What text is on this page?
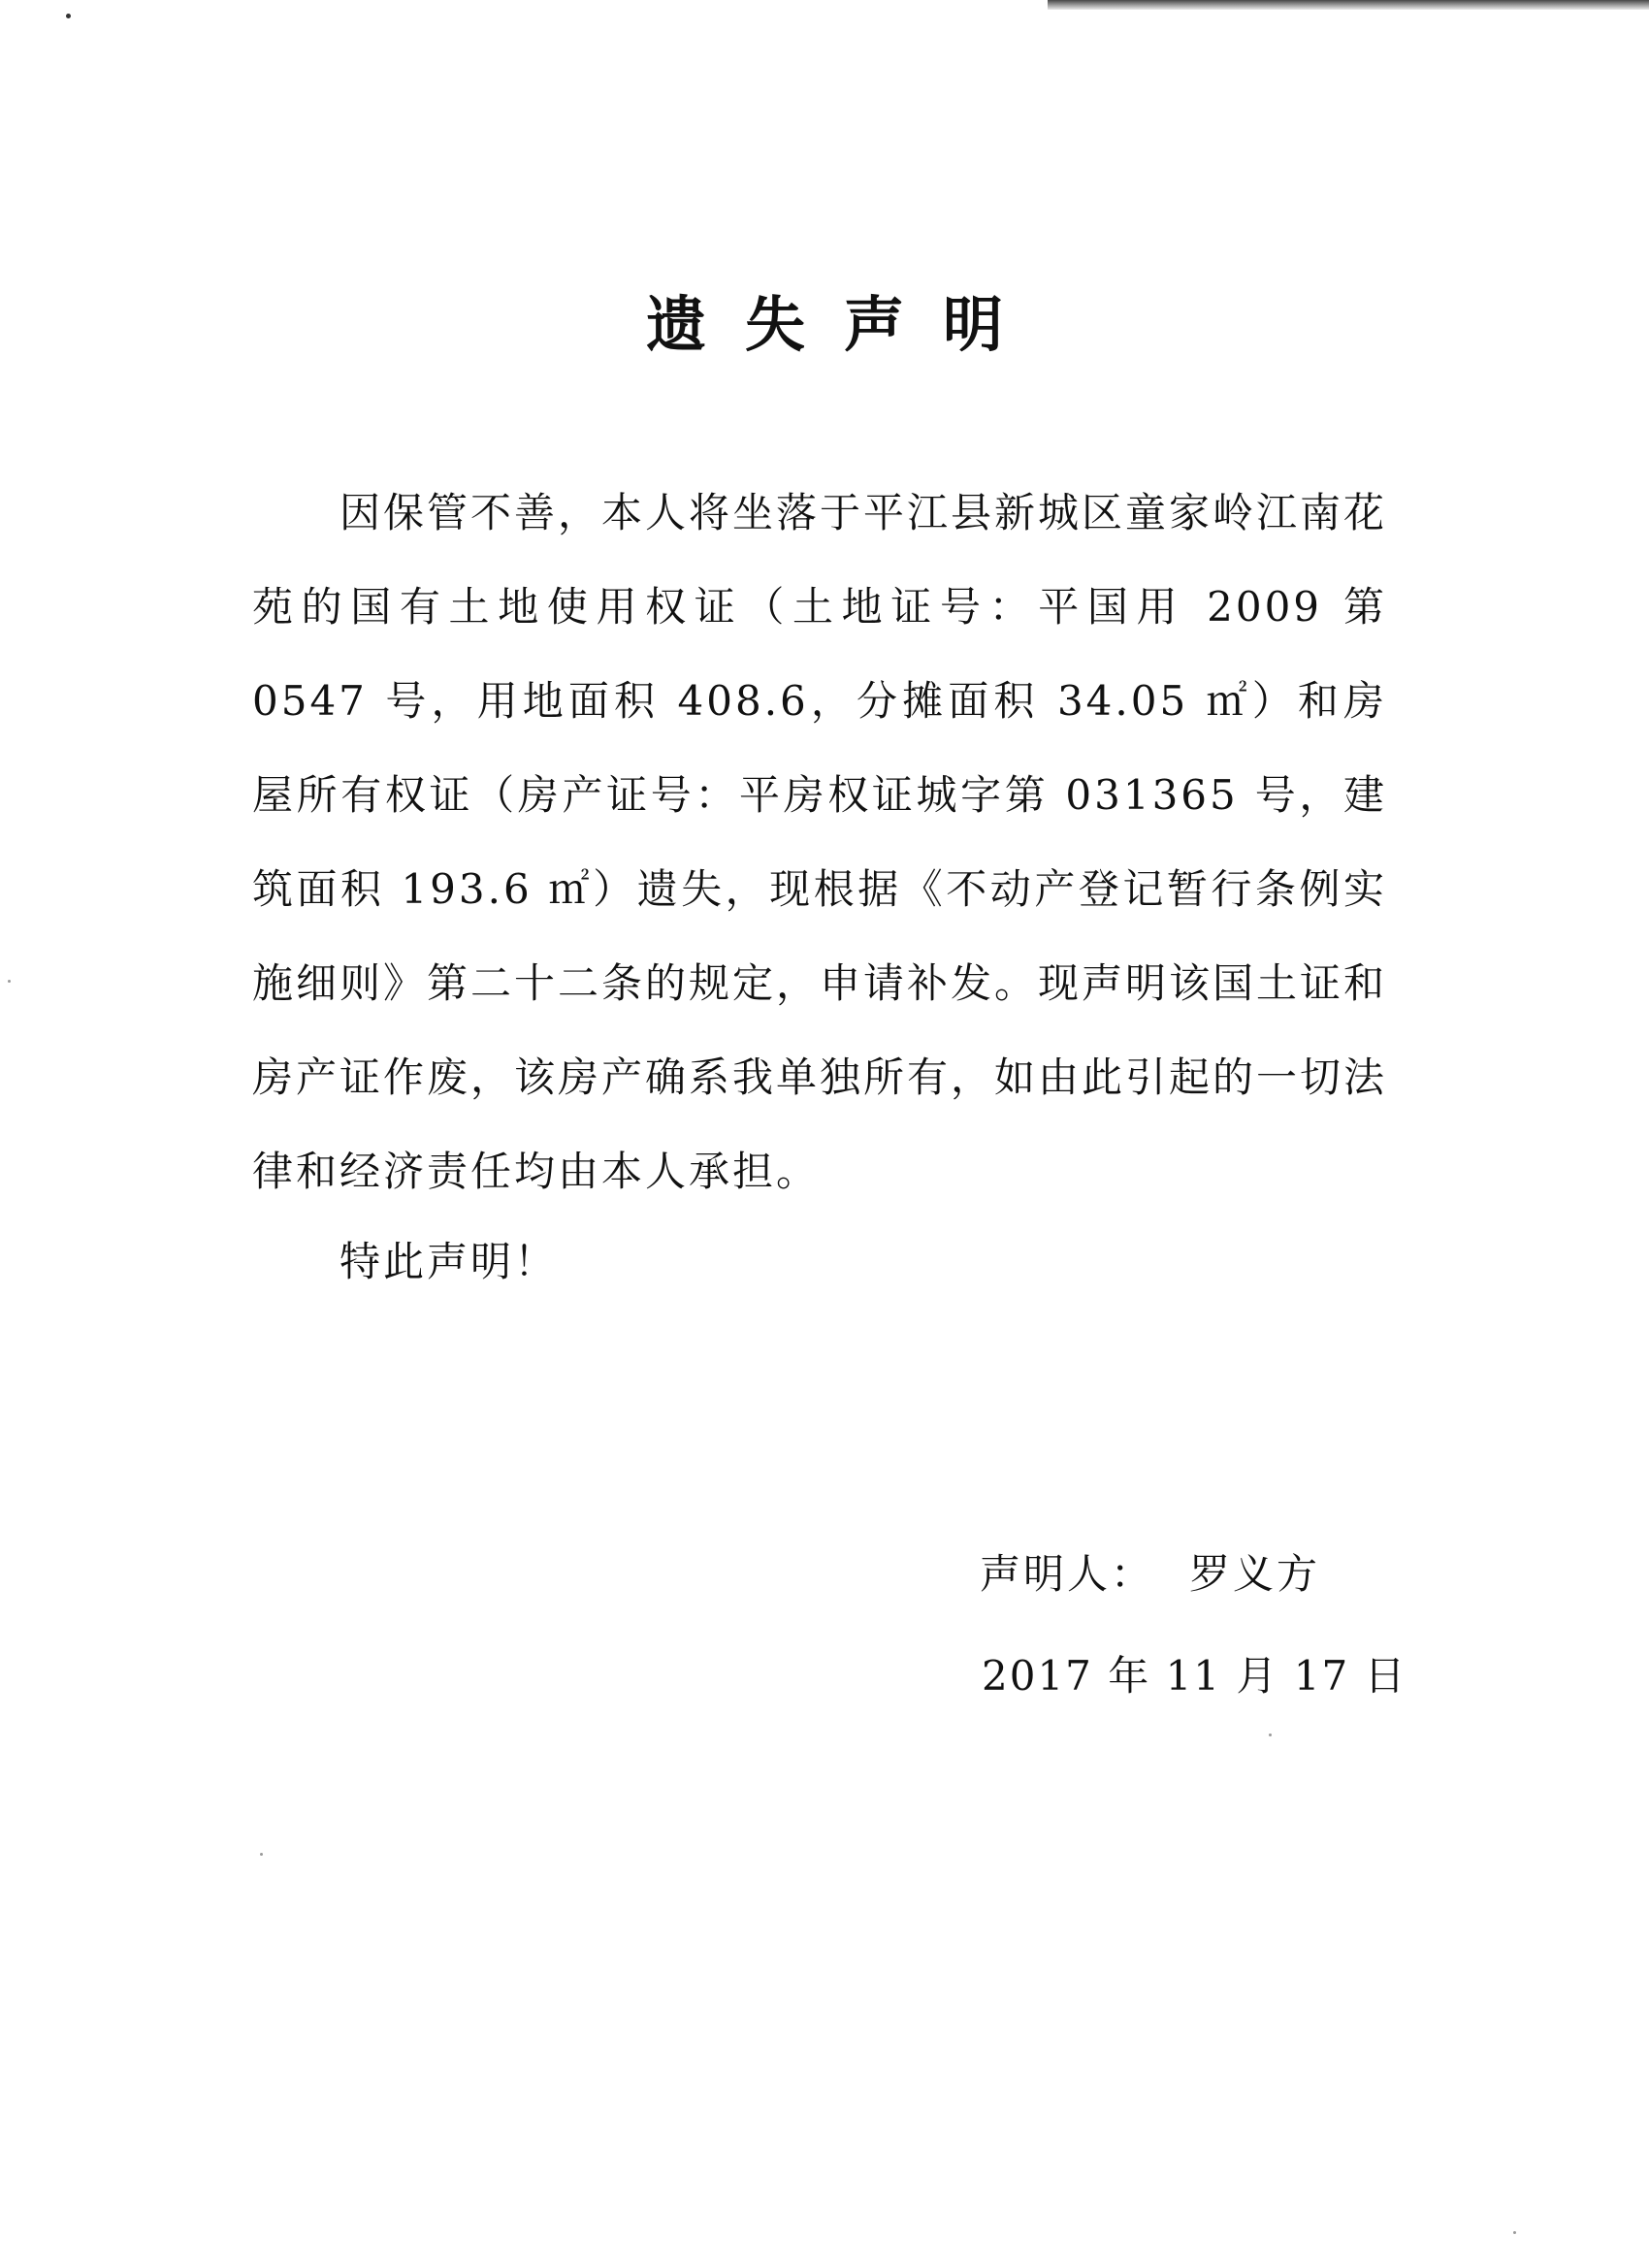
遗失声明
因保管不善，本人将坐落于平江县新城区童家岭江南花苑的国有土地使用权证（土地证号：平国用 2009 第 0547 号，用地面积 408.6，分摊面积 34.05 ㎡）和房屋所有权证（房产证号：平房权证城字第 031365 号，建筑面积 193.6 ㎡）遗失，现根据《不动产登记暂行条例实施细则》第二十二条的规定，申请补发。现声明该国土证和房产证作废，该房产确系我单独所有，如由此引起的一切法律和经济责任均由本人承担。
特此声明！
声明人： 罗义方
2017 年 11 月 17 日
